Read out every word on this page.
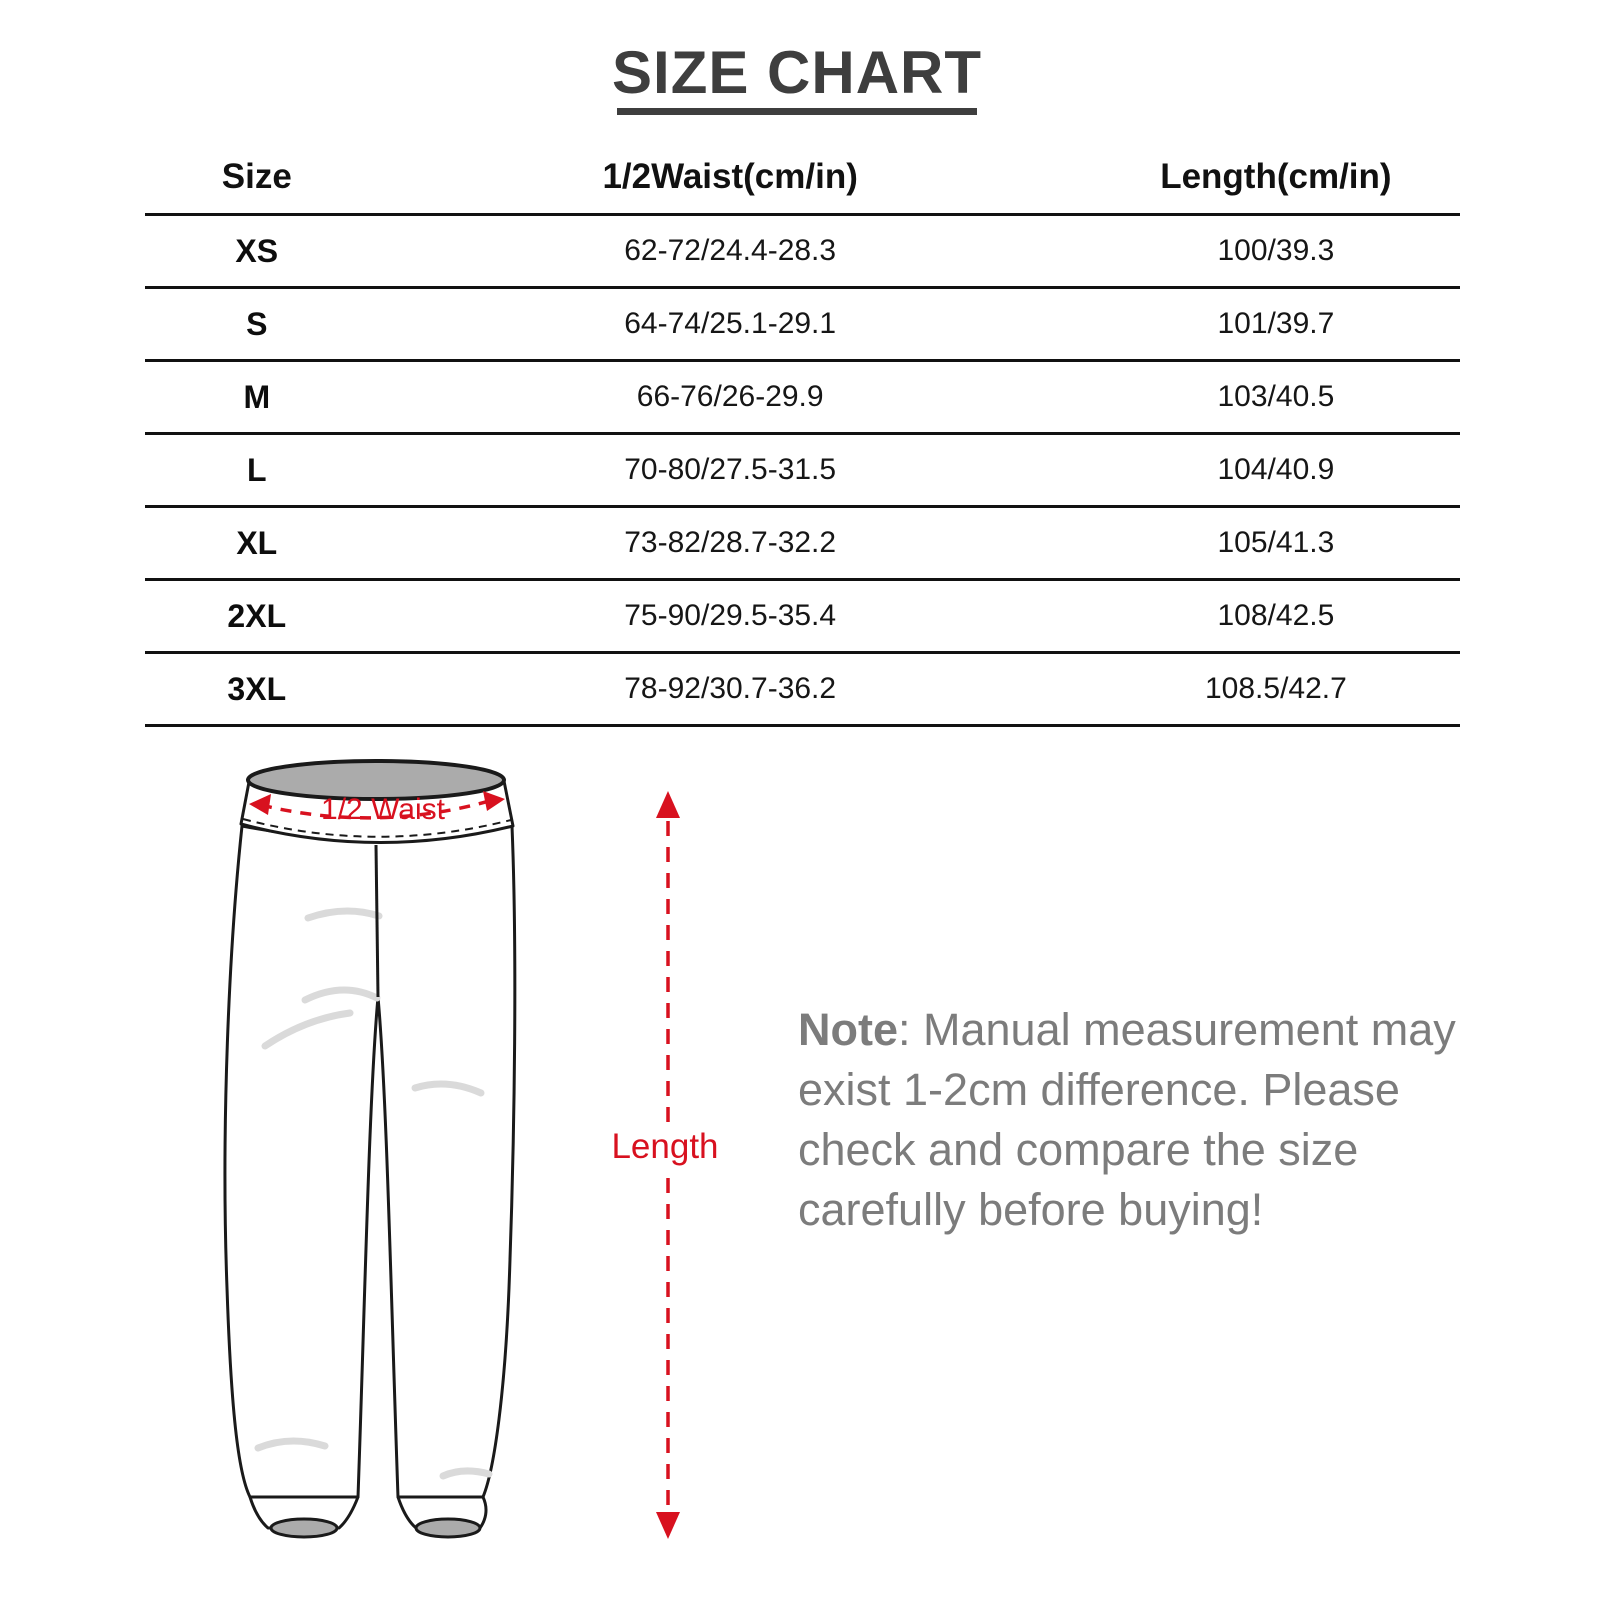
SIZE CHART
Size	1/2Waist(cm/in)	Length(cm/in)
XS	62-72/24.4-28.3	100/39.3
S	64-74/25.1-29.1	101/39.7
M	66-76/26-29.9	103/40.5
L	70-80/27.5-31.5	104/40.9
XL	73-82/28.7-32.2	105/41.3
2XL	75-90/29.5-35.4	108/42.5
3XL	78-92/30.7-36.2	108.5/42.7
1/2 Waist
Length
Note: Manual measurement may
exist 1-2cm difference. Please
check and compare the size
carefully before buying!
